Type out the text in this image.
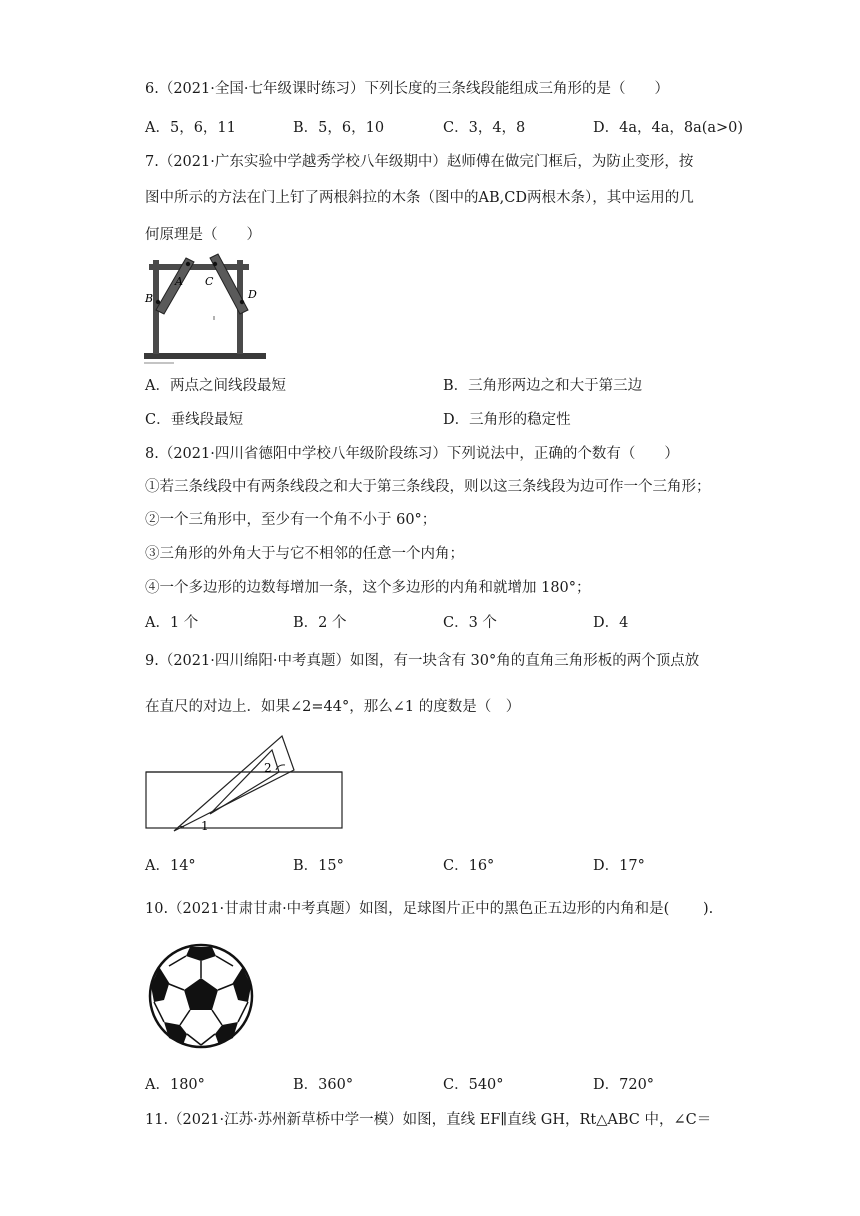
6.（2021·全国·七年级课时练习）下列长度的三条线段能组成三角形的是（　　）
A．5，6，11	B．5，6，10	C．3，4，8	D．4a，4a，8a(a>0)
7.（2021·广东实验中学越秀学校八年级期中）赵师傅在做完门框后，为防止变形，按
图中所示的方法在门上钉了两根斜拉的木条（图中的AB,CD两根木条），其中运用的几
何原理是（　　）
A
B
C
D
A．两点之间线段最短	B．三角形两边之和大于第三边
C．垂线段最短	D．三角形的稳定性
8.（2021·四川省德阳中学校八年级阶段练习）下列说法中，正确的个数有（　　）
①若三条线段中有两条线段之和大于第三条线段，则以这三条线段为边可作一个三角形；
②一个三角形中，至少有一个角不小于 60°；
③三角形的外角大于与它不相邻的任意一个内角；
④一个多边形的边数每增加一条，这个多边形的内角和就增加 180°；
A．1 个	B．2 个	C．3 个	D．4
9.（2021·四川绵阳·中考真题）如图，有一块含有 30°角的直角三角形板的两个顶点放
在直尺的对边上．如果∠2=44°，那么∠1 的度数是（　）
2
1
A．14°	B．15°	C．16°	D．17°
10.（2021·甘肃甘肃·中考真题）如图，足球图片正中的黑色正五边形的内角和是(　　 ).
A．180°	B．360°	C．540°	D．720°
11.（2021·江苏·苏州新草桥中学一模）如图，直线 EF∥直线 GH，Rt△ABC 中，∠C＝
